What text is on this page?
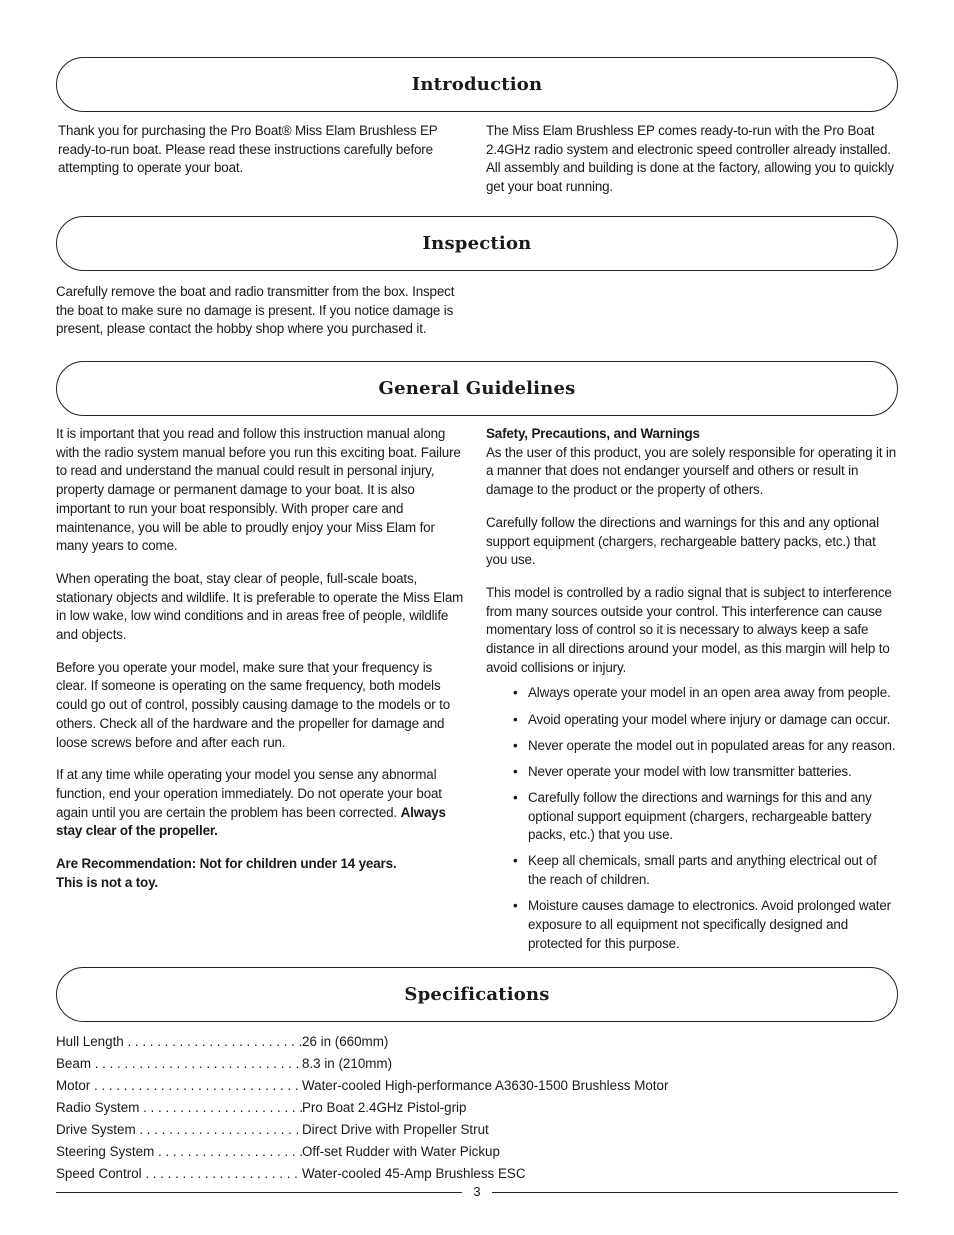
Introduction

Thank you for purchasing the Pro Boat® Miss Elam Brushless EP ready-to-run boat. Please read these instructions carefully before attempting to operate your boat.

The Miss Elam Brushless EP comes ready-to-run with the Pro Boat 2.4GHz radio system and electronic speed controller already installed. All assembly and building is done at the factory, allowing you to quickly get your boat running.

Inspection

Carefully remove the boat and radio transmitter from the box. Inspect the boat to make sure no damage is present. If you notice damage is present, please contact the hobby shop where you purchased it.

General Guidelines

It is important that you read and follow this instruction manual along with the radio system manual before you run this exciting boat. Failure to read and understand the manual could result in personal injury, property damage or permanent damage to your boat. It is also important to run your boat responsibly. With proper care and maintenance, you will be able to proudly enjoy your Miss Elam for many years to come.

When operating the boat, stay clear of people, full-scale boats, stationary objects and wildlife. It is preferable to operate the Miss Elam in low wake, low wind conditions and in areas free of people, wildlife and objects.

Before you operate your model, make sure that your frequency is clear. If someone is operating on the same frequency, both models could go out of control, possibly causing damage to the models or to others. Check all of the hardware and the propeller for damage and loose screws before and after each run.

If at any time while operating your model you sense any abnormal function, end your operation immediately. Do not operate your boat again until you are certain the problem has been corrected. Always stay clear of the propeller.

Are Recommendation: Not for children under 14 years.
This is not a toy.

Safety, Precautions, and Warnings
As the user of this product, you are solely responsible for operating it in a manner that does not endanger yourself and others or result in damage to the product or the property of others.

Carefully follow the directions and warnings for this and any optional support equipment (chargers, rechargeable battery packs, etc.) that you use.

This model is controlled by a radio signal that is subject to interference from many sources outside your control. This interference can cause momentary loss of control so it is necessary to always keep a safe distance in all directions around your model, as this margin will help to avoid collisions or injury.

• Always operate your model in an open area away from people.
• Avoid operating your model where injury or damage can occur.
• Never operate the model out in populated areas for any reason.
• Never operate your model with low transmitter batteries.
• Carefully follow the directions and warnings for this and any optional support equipment (chargers, rechargeable battery packs, etc.) that you use.
• Keep all chemicals, small parts and anything electrical out of the reach of children.
• Moisture causes damage to electronics. Avoid prolonged water exposure to all equipment not specifically designed and protected for this purpose.
Specifications
Hull Length . . .	26 in (660mm)
Beam . . .	8.3 in (210mm)
Motor . . .	Water-cooled High-performance A3630-1500 Brushless Motor
Radio System . . .	Pro Boat 2.4GHz Pistol-grip
Drive System . . .	Direct Drive with Propeller Strut
Steering System . . .	Off-set Rudder with Water Pickup
Speed Control . . .	Water-cooled 45-Amp Brushless ESC
3
